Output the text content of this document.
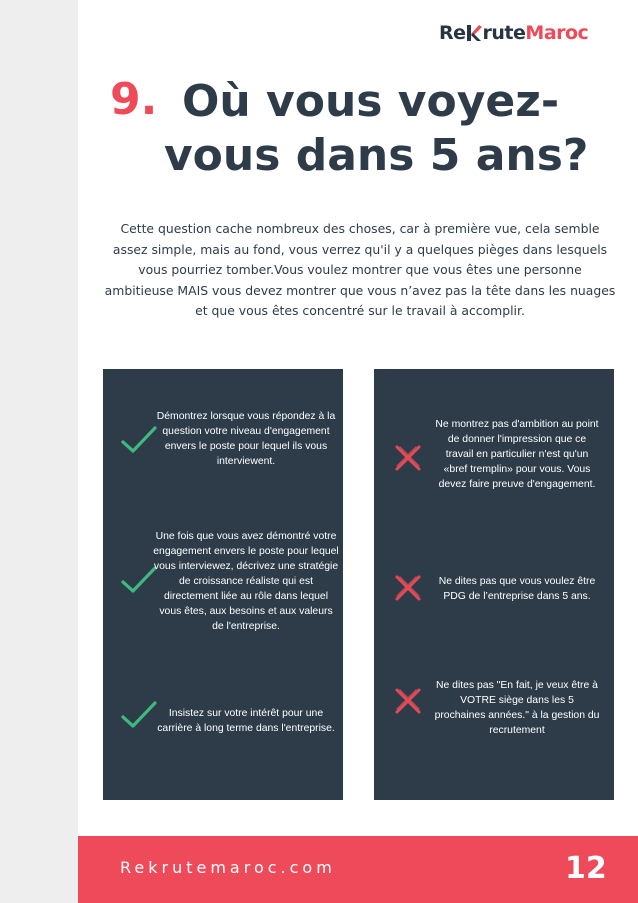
Re rute Maroc
9. Où vous voyez-
vous dans 5 ans?
Cette question cache nombreux des choses, car à première vue, cela semble assez simple, mais au fond, vous verrez qu'il y a quelques pièges dans lesquels vous pourriez tomber.Vous voulez montrer que vous êtes une personne ambitieuse MAIS vous devez montrer que vous n’avez pas la tête dans les nuages et que vous êtes concentré sur le travail à accomplir.
Démontrez lorsque vous répondez à la question votre niveau d'engagement envers le poste pour lequel ils vous interviewent.
Une fois que vous avez démontré votre engagement envers le poste pour lequel vous interviewez, décrivez une stratégie de croissance réaliste qui est directement liée au rôle dans lequel vous êtes, aux besoins et aux valeurs de l'entreprise.
Insistez sur votre intérêt pour une carrière à long terme dans l'entreprise.
Ne montrez pas d'ambition au point de donner l'impression que ce travail en particulier n'est qu'un «bref tremplin» pour vous. Vous devez faire preuve d'engagement.
Ne dites pas que vous voulez être PDG de l’entreprise dans 5 ans.
Ne dites pas "En fait, je veux être à VOTRE siège dans les 5 prochaines années." à la gestion du recrutement
Rekrutemaroc.com	12
